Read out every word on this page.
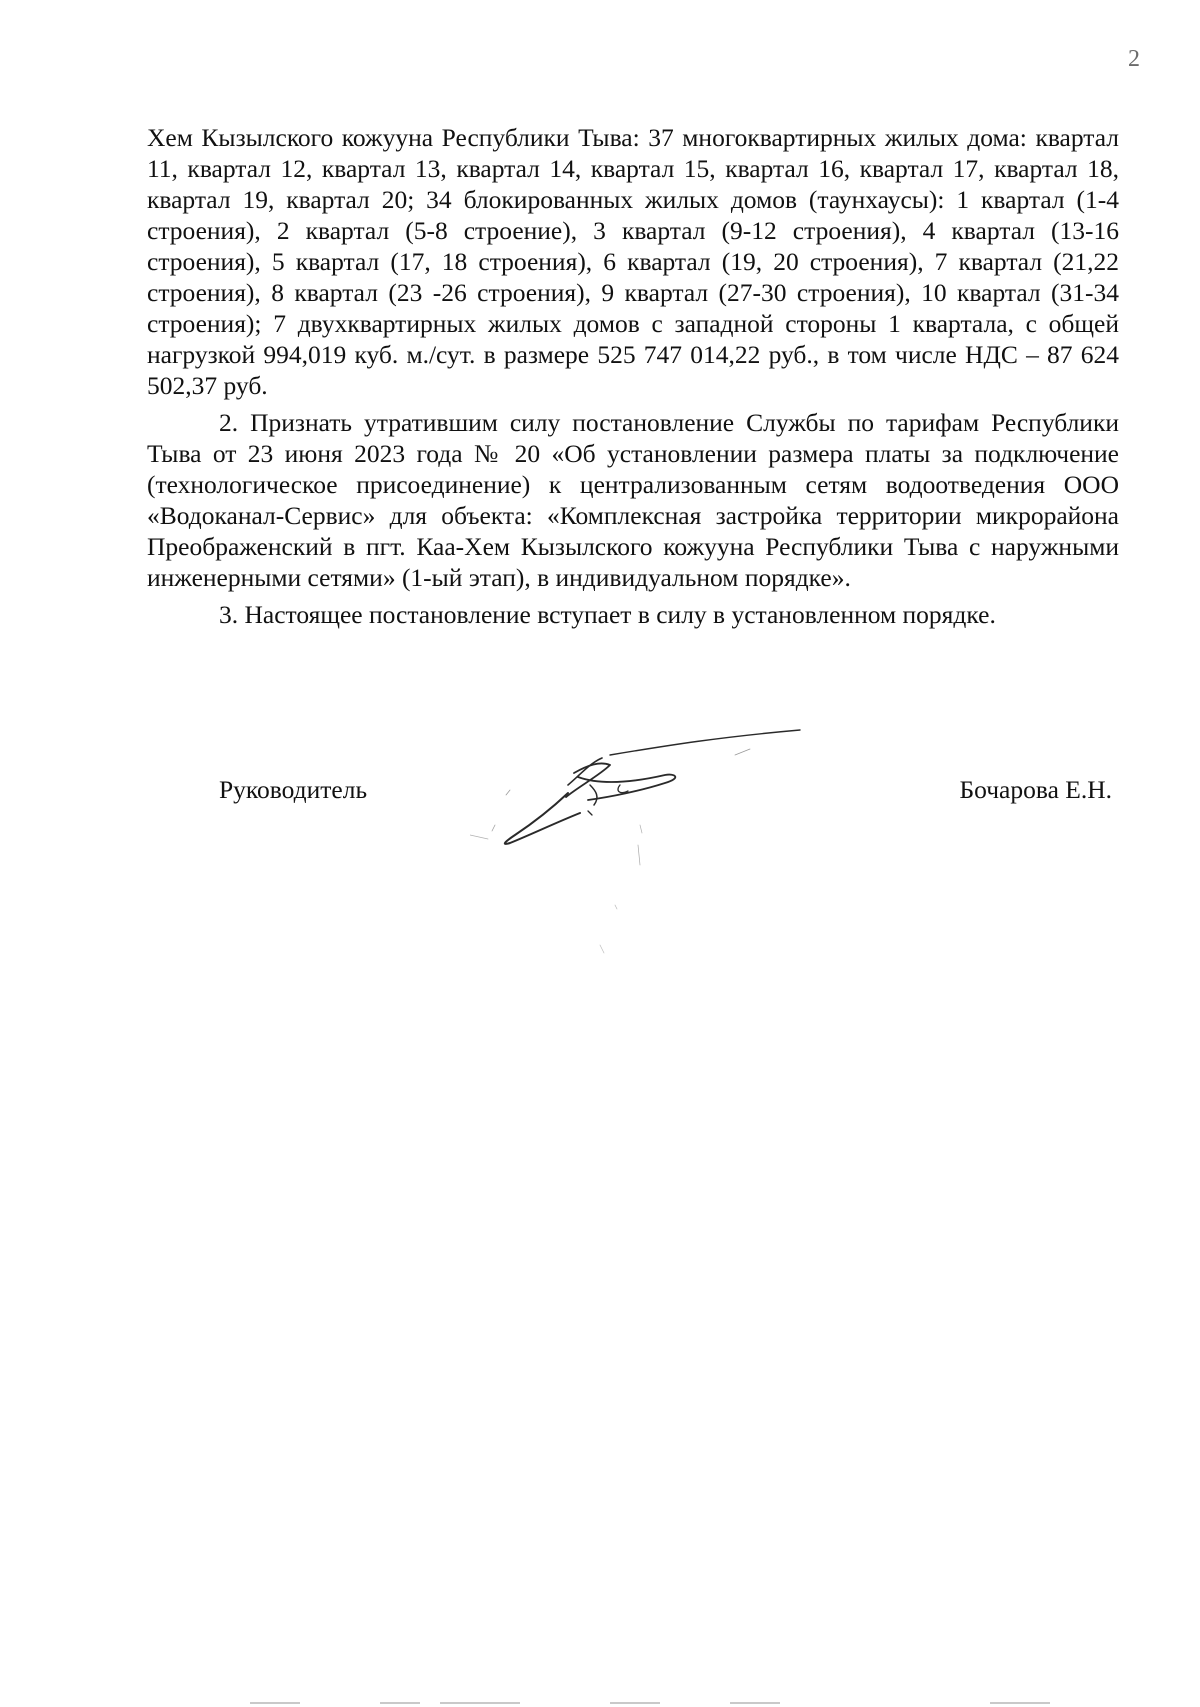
2

Хем Кызылского кожууна Республики Тыва: 37 многоквартирных жилых дома: квартал 11, квартал 12, квартал 13, квартал 14, квартал 15, квартал 16, квартал 17, квартал 18, квартал 19, квартал 20; 34 блокированных жилых домов (таунхаусы): 1 квартал (1-4 строения), 2 квартал (5-8 строение), 3 квартал (9-12 строения), 4 квартал (13-16 строения), 5 квартал (17, 18 строения), 6 квартал (19, 20 строения), 7 квартал (21,22 строения), 8 квартал (23 -26 строения), 9 квартал (27-30 строения), 10 квартал (31-34 строения); 7 двухквартирных жилых домов с западной стороны 1 квартала, с общей нагрузкой 994,019 куб. м./сут. в размере 525 747 014,22 руб., в том числе НДС – 87 624 502,37 руб.

2. Признать утратившим силу постановление Службы по тарифам Республики Тыва от 23 июня 2023 года № 20 «Об установлении размера платы за подключение (технологическое присоединение) к централизованным сетям водоотведения ООО «Водоканал-Сервис» для объекта: «Комплексная застройка территории микрорайона Преображенский в пгт. Каа-Хем Кызылского кожууна Республики Тыва с наружными инженерными сетями» (1-ый этап), в индивидуальном порядке».

3. Настоящее постановление вступает в силу в установленном порядке.

Руководитель	Бочарова Е.Н.
